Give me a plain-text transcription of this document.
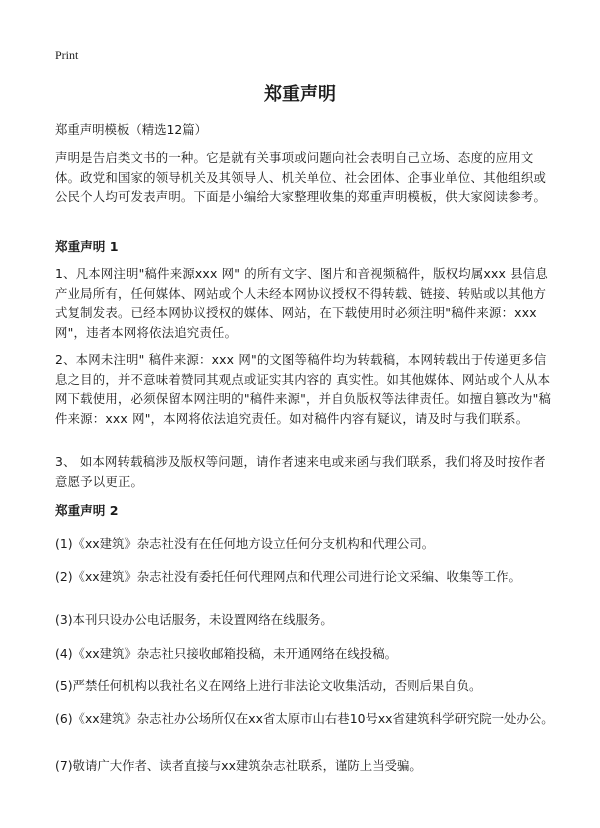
Print
郑重声明

郑重声明模板（精选12篇）

声明是告启类文书的一种。它是就有关事项或问题向社会表明自己立场、态度的应用文体。政党和国家的领导机关及其领导人、机关单位、社会团体、企事业单位、其他组织或公民个人均可发表声明。下面是小编给大家整理收集的郑重声明模板，供大家阅读参考。

郑重声明 1

1、凡本网注明"稿件来源xxx 网" 的所有文字、图片和音视频稿件，版权均属xxx 县信息产业局所有，任何媒体、网站或个人未经本网协议授权不得转载、链接、转贴或以其他方式复制发表。已经本网协议授权的媒体、网站，在下载使用时必须注明"稿件来源：xxx 网"，违者本网将依法追究责任。

2、本网未注明" 稿件来源：xxx 网"的文图等稿件均为转载稿，本网转载出于传递更多信息之目的，并不意味着赞同其观点或证实其内容的 真实性。如其他媒体、网站或个人从本网下载使用，必须保留本网注明的"稿件来源"，并自负版权等法律责任。如擅自篡改为"稿件来源：xxx 网"，本网将依法追究责任。如对稿件内容有疑议，请及时与我们联系。

3、 如本网转载稿涉及版权等问题，请作者速来电或来函与我们联系，我们将及时按作者意愿予以更正。

郑重声明 2

(1)《xx建筑》杂志社没有在任何地方设立任何分支机构和代理公司。

(2)《xx建筑》杂志社没有委托任何代理网点和代理公司进行论文采编、收集等工作。

(3)本刊只设办公电话服务，未设置网络在线服务。

(4)《xx建筑》杂志社只接收邮箱投稿，未开通网络在线投稿。

(5)严禁任何机构以我社名义在网络上进行非法论文收集活动，否则后果自负。

(6)《xx建筑》杂志社办公场所仅在xx省太原市山右巷10号xx省建筑科学研究院一处办公。

(7)敬请广大作者、读者直接与xx建筑杂志社联系，谨防上当受骗。
